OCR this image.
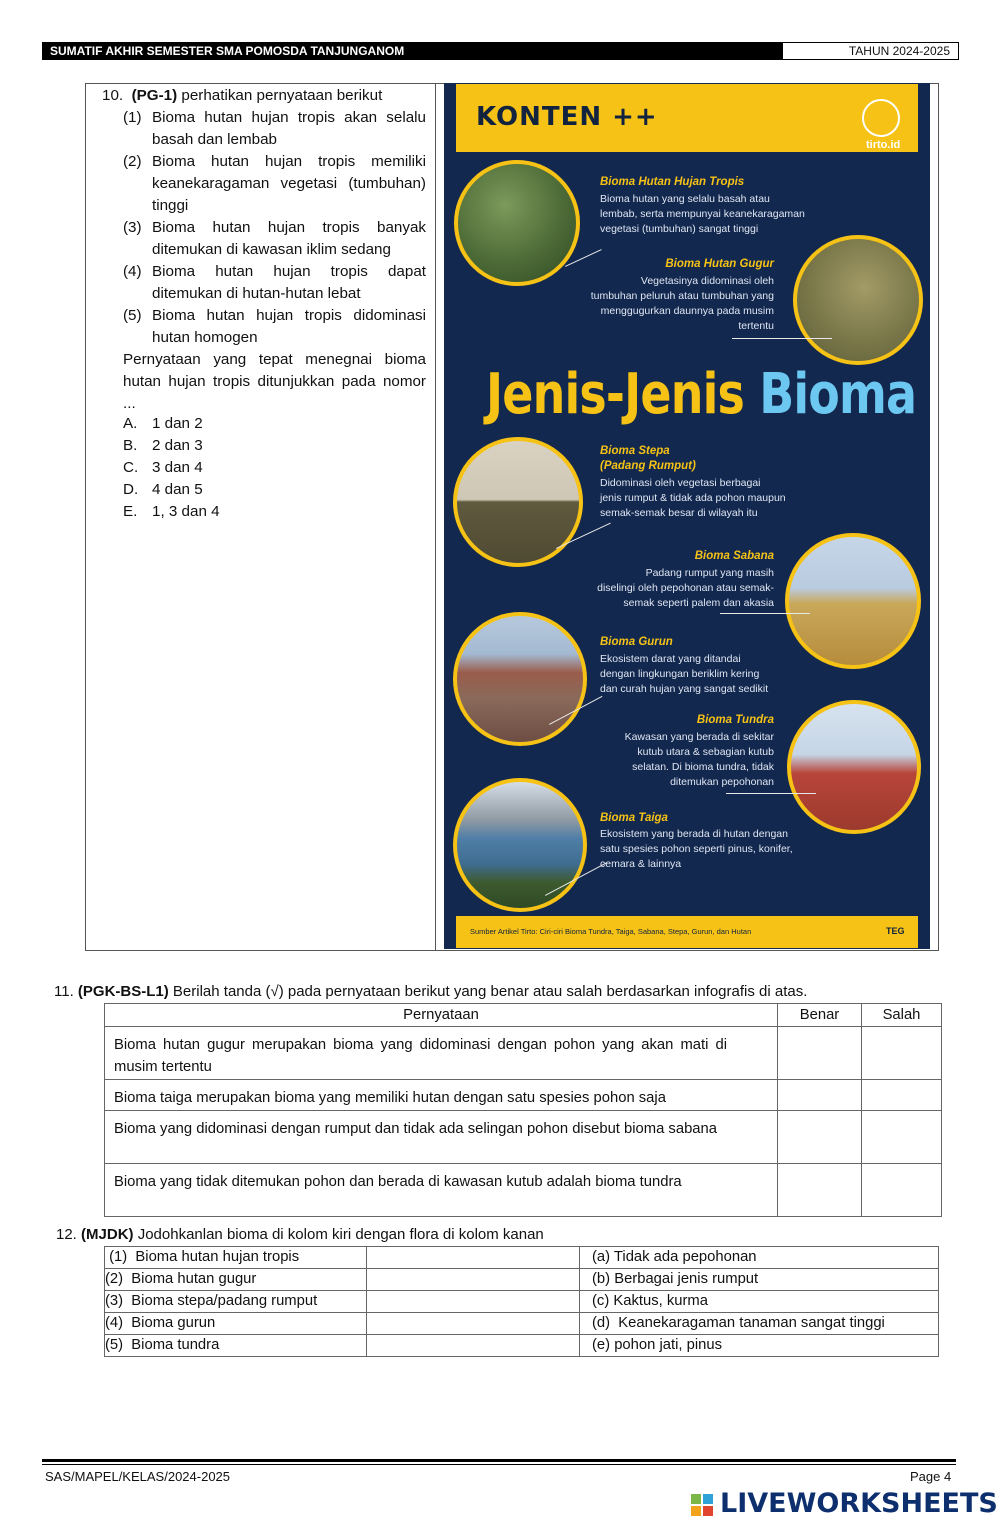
SUMATIF AKHIR SEMESTER SMA POMOSDA TANJUNGANOM	TAHUN 2024-2025
10. (PG-1) perhatikan pernyataan berikut
(1) Bioma hutan hujan tropis akan selalu basah dan lembab
(2) Bioma hutan hujan tropis memiliki keanekaragaman vegetasi (tumbuhan) tinggi
(3) Bioma hutan hujan tropis banyak ditemukan di kawasan iklim sedang
(4) Bioma hutan hujan tropis dapat ditemukan di hutan-hutan lebat
(5) Bioma hutan hujan tropis didominasi hutan homogen
Pernyataan yang tepat menegnai bioma hutan hujan tropis ditunjukkan pada nomor ...
A. 1 dan 2
B. 2 dan 3
C. 3 dan 4
D. 4 dan 5
E. 1, 3 dan 4
KONTEN ++
tirto.id
Bioma Hutan Hujan Tropis
Bioma hutan yang selalu basah atau
lembab, serta mempunyai keanekaragaman
vegetasi (tumbuhan) sangat tinggi
Bioma Hutan Gugur
Vegetasinya didominasi oleh
tumbuhan peluruh atau tumbuhan yang
menggugurkan daunnya pada musim
tertentu
Jenis-Jenis Bioma
Bioma Stepa
(Padang Rumput)
Didominasi oleh vegetasi berbagai
jenis rumput & tidak ada pohon maupun
semak-semak besar di wilayah itu
Bioma Sabana
Padang rumput yang masih
diselingi oleh pepohonan atau semak-
semak seperti palem dan akasia
Bioma Gurun
Ekosistem darat yang ditandai
dengan lingkungan beriklim kering
dan curah hujan yang sangat sedikit
Bioma Tundra
Kawasan yang berada di sekitar
kutub utara & sebagian kutub
selatan. Di bioma tundra, tidak
ditemukan pepohonan
Bioma Taiga
Ekosistem yang berada di hutan dengan
satu spesies pohon seperti pinus, konifer,
cemara & lainnya
Sumber Artikel Tirto: Ciri-ciri Bioma Tundra, Taiga, Sabana, Stepa, Gurun, dan Hutan	TEG
11. (PGK-BS-L1) Berilah tanda (√) pada pernyataan berikut yang benar atau salah berdasarkan infografis di atas.
Pernyataan	Benar	Salah
Bioma hutan gugur merupakan bioma yang didominasi dengan pohon yang akan mati di musim tertentu		
Bioma taiga merupakan bioma yang memiliki hutan dengan satu spesies pohon saja		
Bioma yang didominasi dengan rumput dan tidak ada selingan pohon disebut bioma sabana		
Bioma yang tidak ditemukan pohon dan berada di kawasan kutub adalah bioma tundra		
12. (MJDK) Jodohkanlan bioma di kolom kiri dengan flora di kolom kanan
(1)  Bioma hutan hujan tropis		(a) Tidak ada pepohonan
(2)  Bioma hutan gugur		(b) Berbagai jenis rumput
(3)  Bioma stepa/padang rumput		(c) Kaktus, kurma
(4)  Bioma gurun		(d)  Keanekaragaman tanaman sangat tinggi
(5)  Bioma tundra		(e) pohon jati, pinus
SAS/MAPEL/KELAS/2024-2025	Page 4
LIVEWORKSHEETS
